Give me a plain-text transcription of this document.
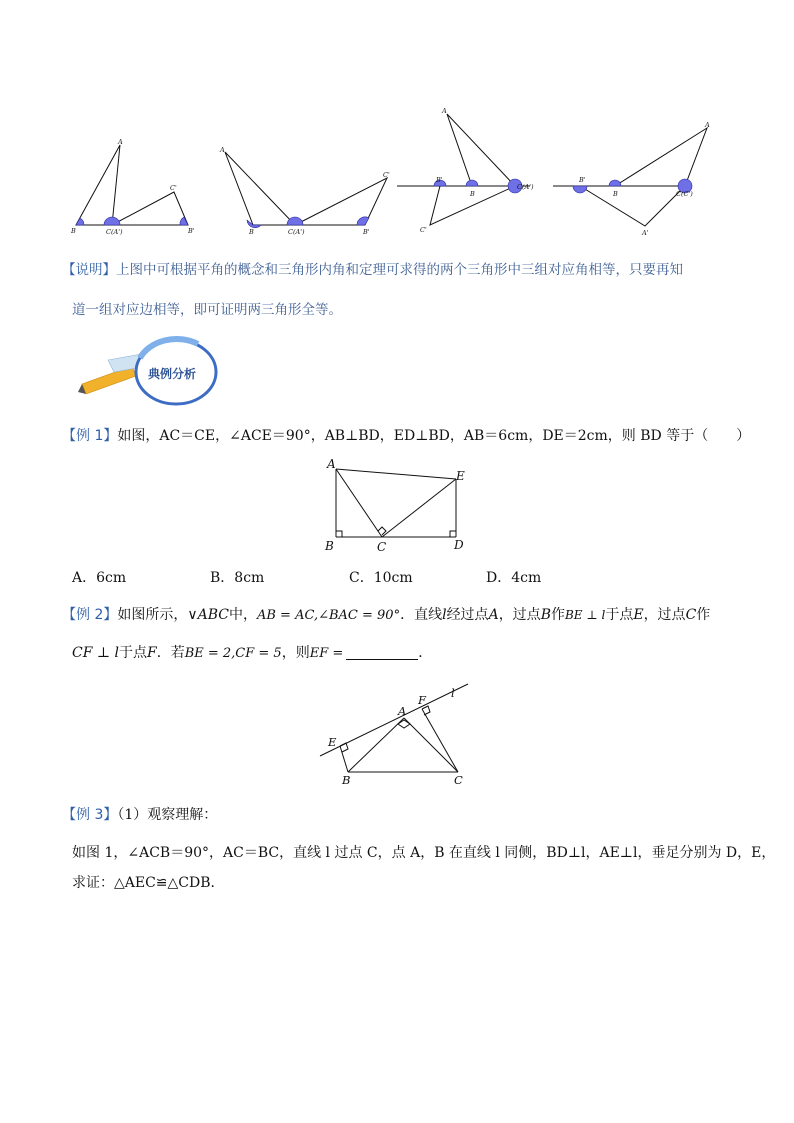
A
B	C(A')
C'
B'
A
B	C(A')
C'
B'
A
B'
B
C(A')
C'
A
B'
B	C(C')
A'
【说明】上图中可根据平角的概念和三角形内角和定理可求得的两个三角形中三组对应角相等，只要再知
道一组对应边相等，即可证明两三角形全等。
典例分析
【例 1】如图，AC＝CE，∠ACE＝90°，AB⊥BD，ED⊥BD，AB＝6cm，DE＝2cm，则 BD 等于（　　）
A
E
B	C	D
A．6cm	B．8cm	C．10cm	D．4cm
【例 2】如图所示，∨ABC中，AB = AC,∠BAC = 90°．直线l经过点A，过点B作BE ⊥ l于点E，过点C作
CF ⊥ l于点F．若BE = 2,CF = 5，则EF =	．
A
F l
E
B	C
【例 3】（1）观察理解：
如图 1，∠ACB＝90°，AC＝BC，直线 l 过点 C，点 A，B 在直线 l 同侧，BD⊥l，AE⊥l，垂足分别为 D，E，
求证：△AEC≌△CDB．
